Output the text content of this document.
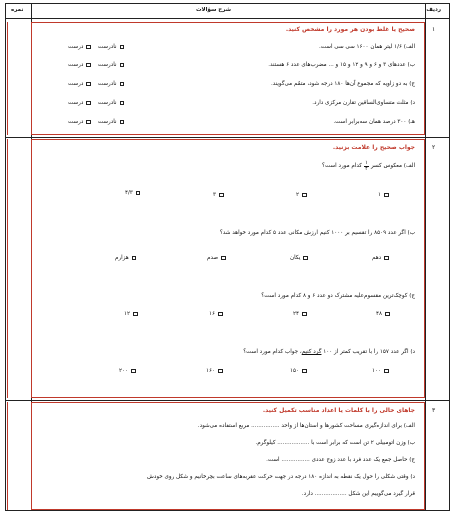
ردیف
شرح سؤالات
نمره
۱
صحیح یا غلط بودن هر مورد را مشخص کنید.
الف) ۱/۶ لیتر همان ۱۶۰۰ سی سی است.
ب) عددهای ۳ و ۶ و ۹ و ۱۲ و ۱۵ و ... مضرب‌های عدد ۶ هستند.
ج) به دو زاویه که مجموع آن‌ها ۱۸۰ درجه شود، متمّم می‌گویند.
د) مثلث متساوی‌الساقین تقارن مرکزی دارد.
هـ) ۳۰۰ درصد همان سه‌برابر است.
درست	نادرست
درست	نادرست
درست	نادرست
درست	نادرست
درست	نادرست
۲
جواب صحیح را علامت بزنید.
الف) معکوس کسر
$\frac{۱}{۴}$
کدام مورد است؟
۱
۲
۳
۴/۳
ب) اگر عدد ۸۵۰۹ را تقسیم بر ۱۰۰۰ کنیم ارزش مکانی عدد ۵ کدام مورد خواهد شد؟
دهم
یکان
صدم
هزارم
ج) کوچک‌ترین مقسوم‌علیه مشترک دو عدد ۶ و ۸ کدام مورد است؟
۴۸
۲۴
۱۶
۱۲
د) اگر عدد ۱۵۷ را با تقریب کمتر از ۱۰۰ گرد کنیم، جواب کدام مورد است؟
۱۰۰
۱۵۰
۱۶۰
۲۰۰
۳
جاهای خالی را با کلمات یا اعداد مناسب تکمیل کنید.
الف) برای اندازه‌گیری مساحت کشورها و استان‌ها از واحد ................ مربع استفاده می‌شود.
ب) وزن اتومبیلی ۲ تن است که برابر است با .................. کیلوگرم.
ج) حاصل جمع یک عدد فرد با عدد زوج عددی ................ است.
د) وقتی شکلی را حول یک نقطه به اندازه ۱۸۰ درجه در جهت حرکت عقربه‌های ساعت بچرخانیم و شکل روی خودش
قرار گیرد می‌گوییم این شکل .................. دارد.
